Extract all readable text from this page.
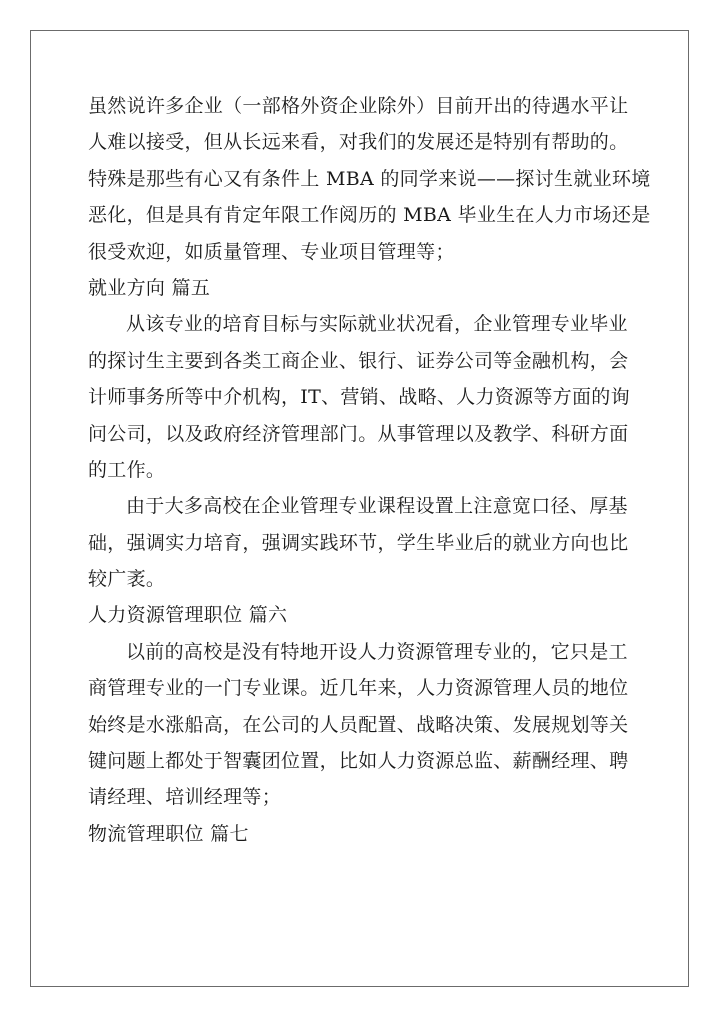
虽然说许多企业（一部格外资企业除外）目前开出的待遇水平让
人难以接受，但从长远来看，对我们的发展还是特别有帮助的。
特殊是那些有心又有条件上 MBA 的同学来说——探讨生就业环境
恶化，但是具有肯定年限工作阅历的 MBA 毕业生在人力市场还是
很受欢迎，如质量管理、专业项目管理等；
就业方向 篇五
从该专业的培育目标与实际就业状况看，企业管理专业毕业
的探讨生主要到各类工商企业、银行、证券公司等金融机构，会
计师事务所等中介机构，IT、营销、战略、人力资源等方面的询
问公司，以及政府经济管理部门。从事管理以及教学、科研方面
的工作。
由于大多高校在企业管理专业课程设置上注意宽口径、厚基
础，强调实力培育，强调实践环节，学生毕业后的就业方向也比
较广袤。
人力资源管理职位 篇六
以前的高校是没有特地开设人力资源管理专业的，它只是工
商管理专业的一门专业课。近几年来，人力资源管理人员的地位
始终是水涨船高，在公司的人员配置、战略决策、发展规划等关
键问题上都处于智囊团位置，比如人力资源总监、薪酬经理、聘
请经理、培训经理等；
物流管理职位 篇七
